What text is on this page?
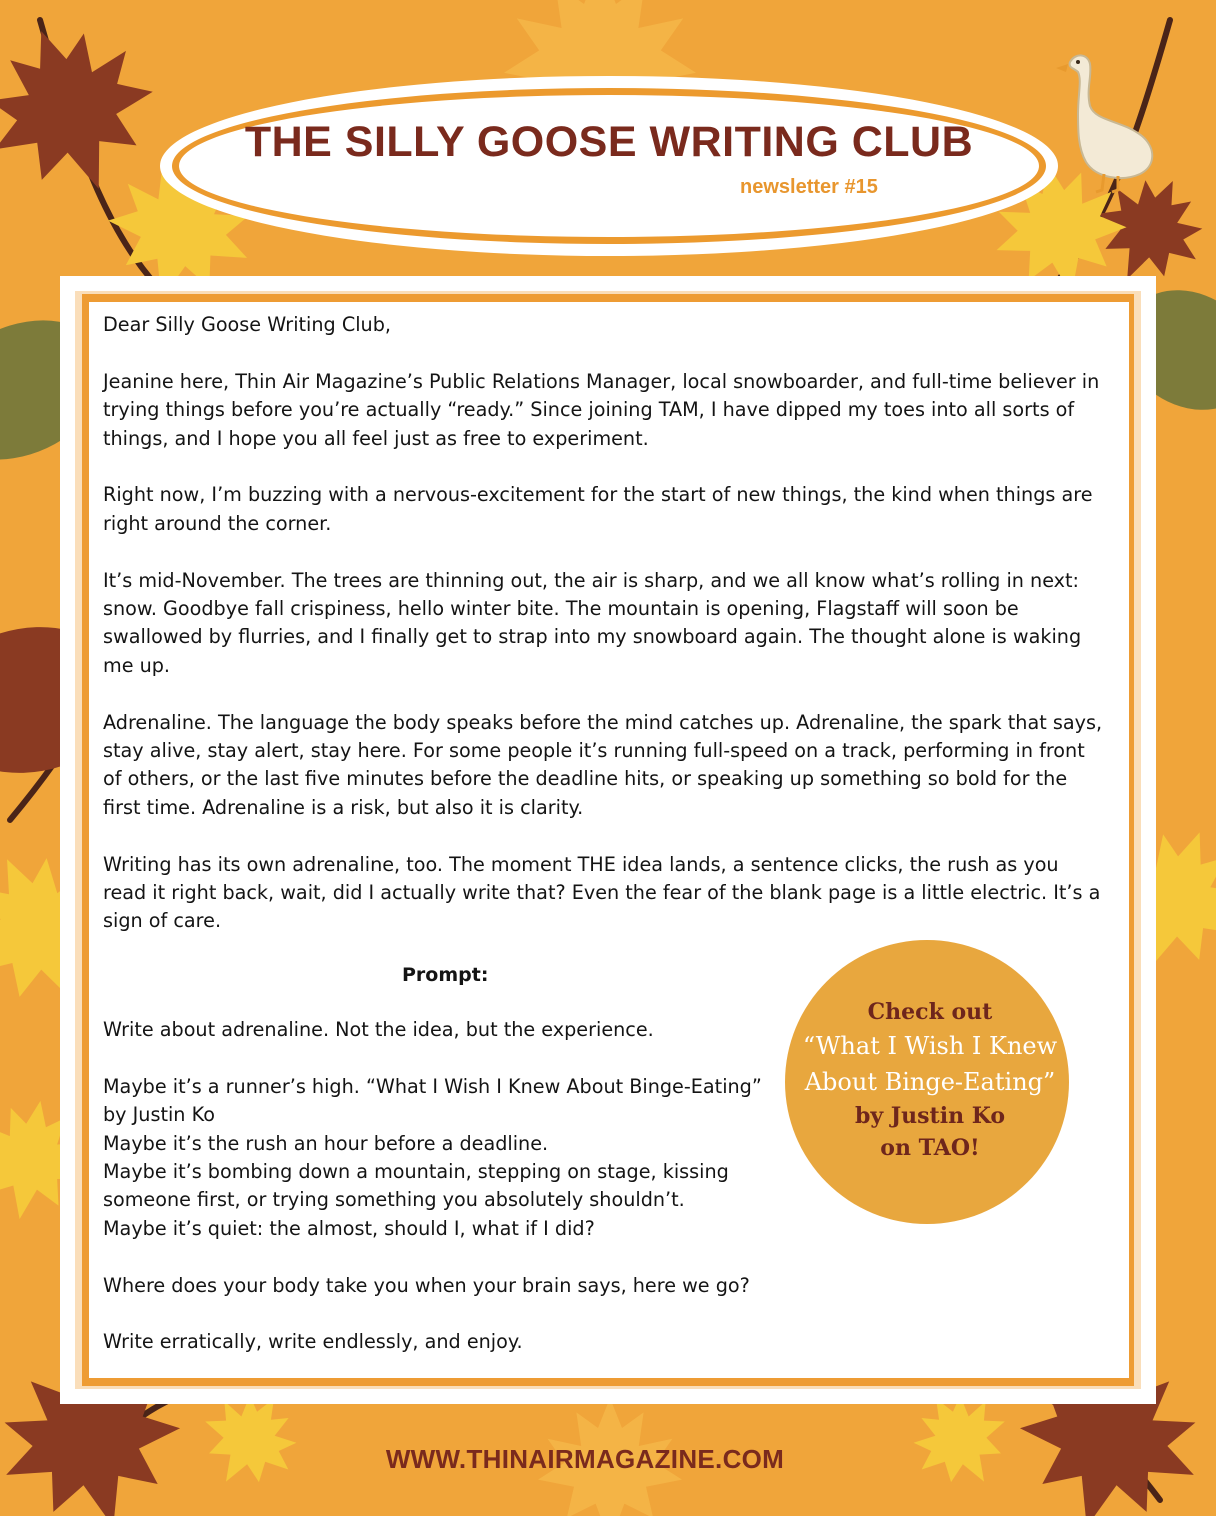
THE SILLY GOOSE WRITING CLUB
newsletter #15

Dear Silly Goose Writing Club,

Jeanine here, Thin Air Magazine’s Public Relations Manager, local snowboarder, and full-time believer in trying things before you’re actually “ready.” Since joining TAM, I have dipped my toes into all sorts of things, and I hope you all feel just as free to experiment.

Right now, I’m buzzing with a nervous-excitement for the start of new things, the kind when things are right around the corner.

It’s mid-November. The trees are thinning out, the air is sharp, and we all know what’s rolling in next: snow. Goodbye fall crispiness, hello winter bite. The mountain is opening, Flagstaff will soon be swallowed by flurries, and I finally get to strap into my snowboard again. The thought alone is waking me up.

Adrenaline. The language the body speaks before the mind catches up. Adrenaline, the spark that says, stay alive, stay alert, stay here. For some people it’s running full-speed on a track, performing in front of others, or the last five minutes before the deadline hits, or speaking up something so bold for the first time. Adrenaline is a risk, but also it is clarity.

Writing has its own adrenaline, too. The moment THE idea lands, a sentence clicks, the rush as you read it right back, wait, did I actually write that? Even the fear of the blank page is a little electric. It’s a sign of care.

Prompt:
Write about adrenaline. Not the idea, but the experience.
Maybe it’s a runner’s high. “What I Wish I Knew About Binge-Eating” by Justin Ko
Maybe it’s the rush an hour before a deadline.
Maybe it’s bombing down a mountain, stepping on stage, kissing someone first, or trying something you absolutely shouldn’t.
Maybe it’s quiet: the almost, should I, what if I did?
Where does your body take you when your brain says, here we go?
Write erratically, write endlessly, and enjoy.
Check out
“What I Wish I Knew
About Binge-Eating”
by Justin Ko
on TAO!
WWW.THINAIRMAGAZINE.COM
